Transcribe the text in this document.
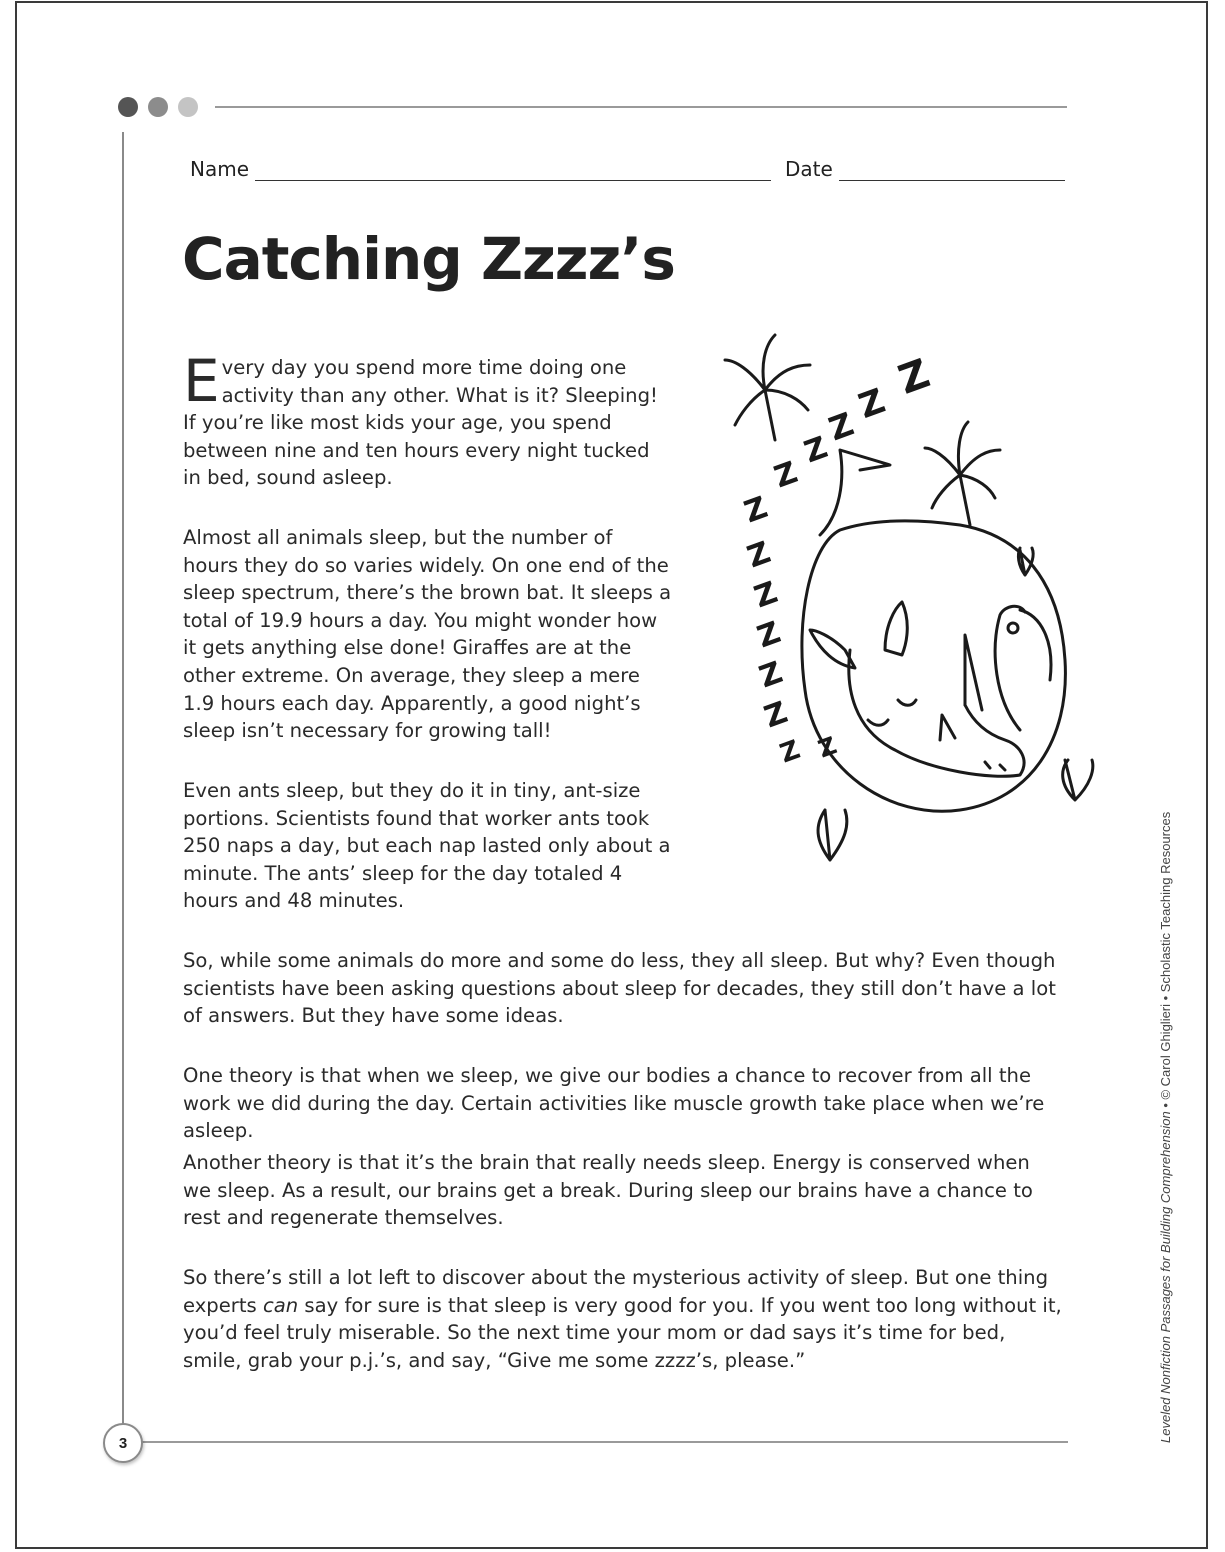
Name	Date
Catching Zzzz’s

Every day you spend more time doing one activity than any other. What is it? Sleeping! If you’re like most kids your age, you spend between nine and ten hours every night tucked in bed, sound asleep.

Almost all animals sleep, but the number of hours they do so varies widely. On one end of the sleep spectrum, there’s the brown bat. It sleeps a total of 19.9 hours a day. You might wonder how it gets anything else done! Giraffes are at the other extreme. On average, they sleep a mere 1.9 hours each day. Apparently, a good night’s sleep isn’t necessary for growing tall!

Even ants sleep, but they do it in tiny, ant-size portions. Scientists found that worker ants took 250 naps a day, but each nap lasted only about a minute. The ants’ sleep for the day totaled 4 hours and 48 minutes.

So, while some animals do more and some do less, they all sleep. But why? Even though scientists have been asking questions about sleep for decades, they still don’t have a lot of answers. But they have some ideas.

One theory is that when we sleep, we give our bodies a chance to recover from all the work we did during the day. Certain activities like muscle growth take place when we’re asleep.

Another theory is that it’s the brain that really needs sleep. Energy is conserved when we sleep. As a result, our brains get a break. During sleep our brains have a chance to rest and regenerate themselves.

So there’s still a lot left to discover about the mysterious activity of sleep. But one thing experts can say for sure is that sleep is very good for you. If you went too long without it, you’d feel truly miserable. So the next time your mom or dad says it’s time for bed, smile, grab your p.j.’s, and say, “Give me some zzzz’s, please.”

Z
Z
Z
Z
Z
Z
Z
Z
Z
Z
Z
Z Z
Leveled Nonfiction Passages for Building Comprehension • © Carol Ghiglieri • Scholastic Teaching Resources
3
